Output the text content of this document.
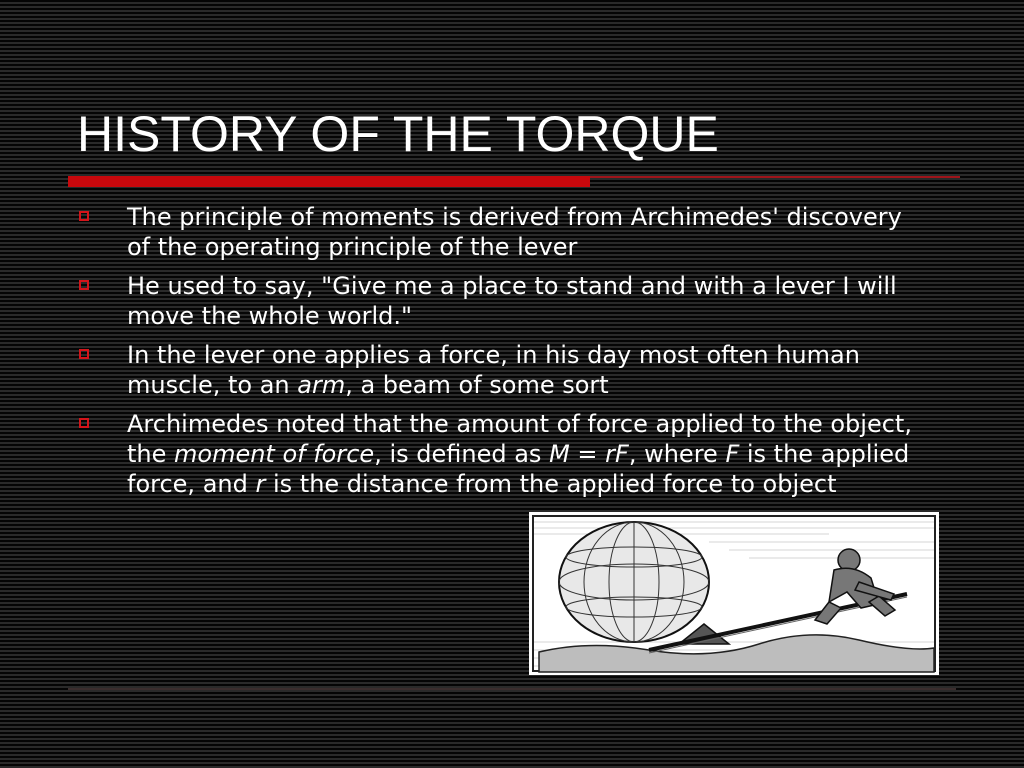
HISTORY OF THE TORQUE
The principle of moments is derived from Archimedes' discovery of the operating principle of the lever
He used to say, "Give me a place to stand and with a lever I will move the whole world."
In the lever one applies a force, in his day most often human muscle, to an arm, a beam of some sort
Archimedes noted that the amount of force applied to the object, the moment of force, is defined as M = rF, where F is the applied force, and r is the distance from the applied force to object
